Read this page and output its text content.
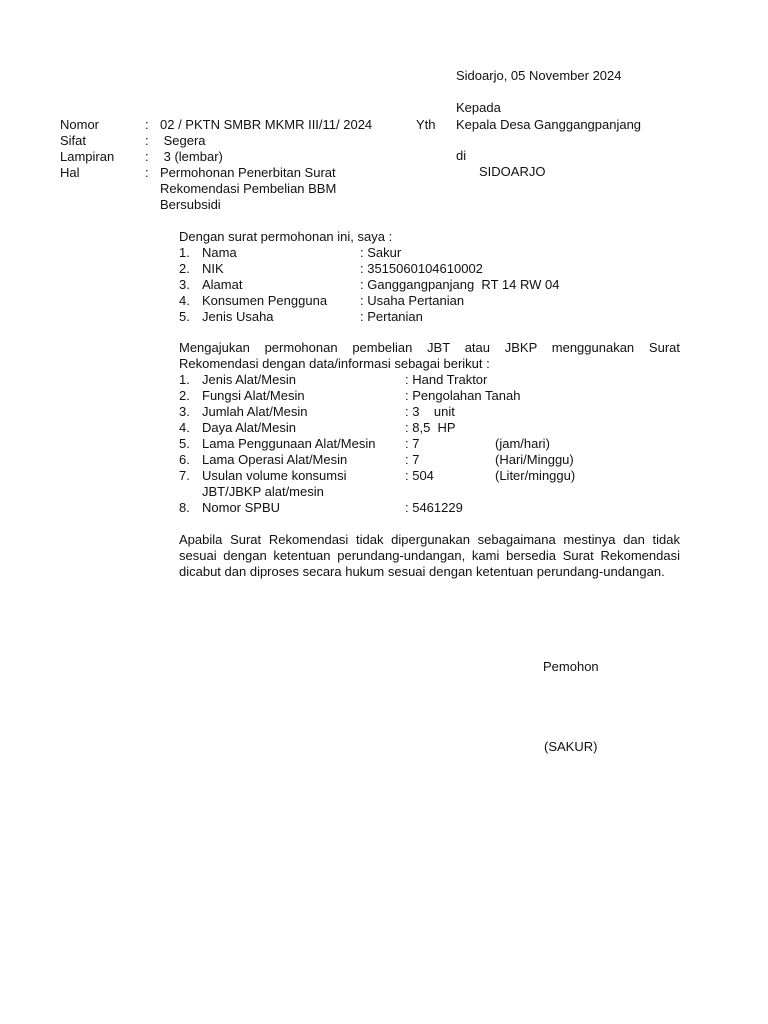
Sidoarjo, 05 November 2024
Kepada
Yth Kepala Desa Ganggangpanjang
di
SIDOARJO
Nomor	: 02 / PKTN SMBR MKMR III/11/ 2024
Sifat	: Segera
Lampiran : 3 (lembar)
Hal	: Permohonan Penerbitan Surat
Rekomendasi Pembelian BBM
Bersubsidi
Dengan surat permohonan ini, saya :
1. Nama	: Sakur
2. NIK	: 3515060104610002
3. Alamat	: Ganggangpanjang  RT 14 RW 04
4. Konsumen Pengguna	: Usaha Pertanian
5. Jenis Usaha	: Pertanian
Mengajukan permohonan pembelian JBT atau JBKP menggunakan Surat Rekomendasi dengan data/informasi sebagai berikut :
1. Jenis Alat/Mesin	: Hand Traktor
2. Fungsi Alat/Mesin	: Pengolahan Tanah
3. Jumlah Alat/Mesin	: 3    unit
4. Daya Alat/Mesin	: 8,5  HP
5. Lama Penggunaan Alat/Mesin : 7	(jam/hari)
6. Lama Operasi Alat/Mesin	: 7	(Hari/Minggu)
7. Usulan volume konsumsi	: 504	(Liter/minggu)
JBT/JBKP alat/mesin
8. Nomor SPBU	: 5461229
Apabila Surat Rekomendasi tidak dipergunakan sebagaimana mestinya dan tidak sesuai dengan ketentuan perundang-undangan, kami bersedia Surat Rekomendasi dicabut dan diproses secara hukum sesuai dengan ketentuan perundang-undangan.
Pemohon
(SAKUR)
